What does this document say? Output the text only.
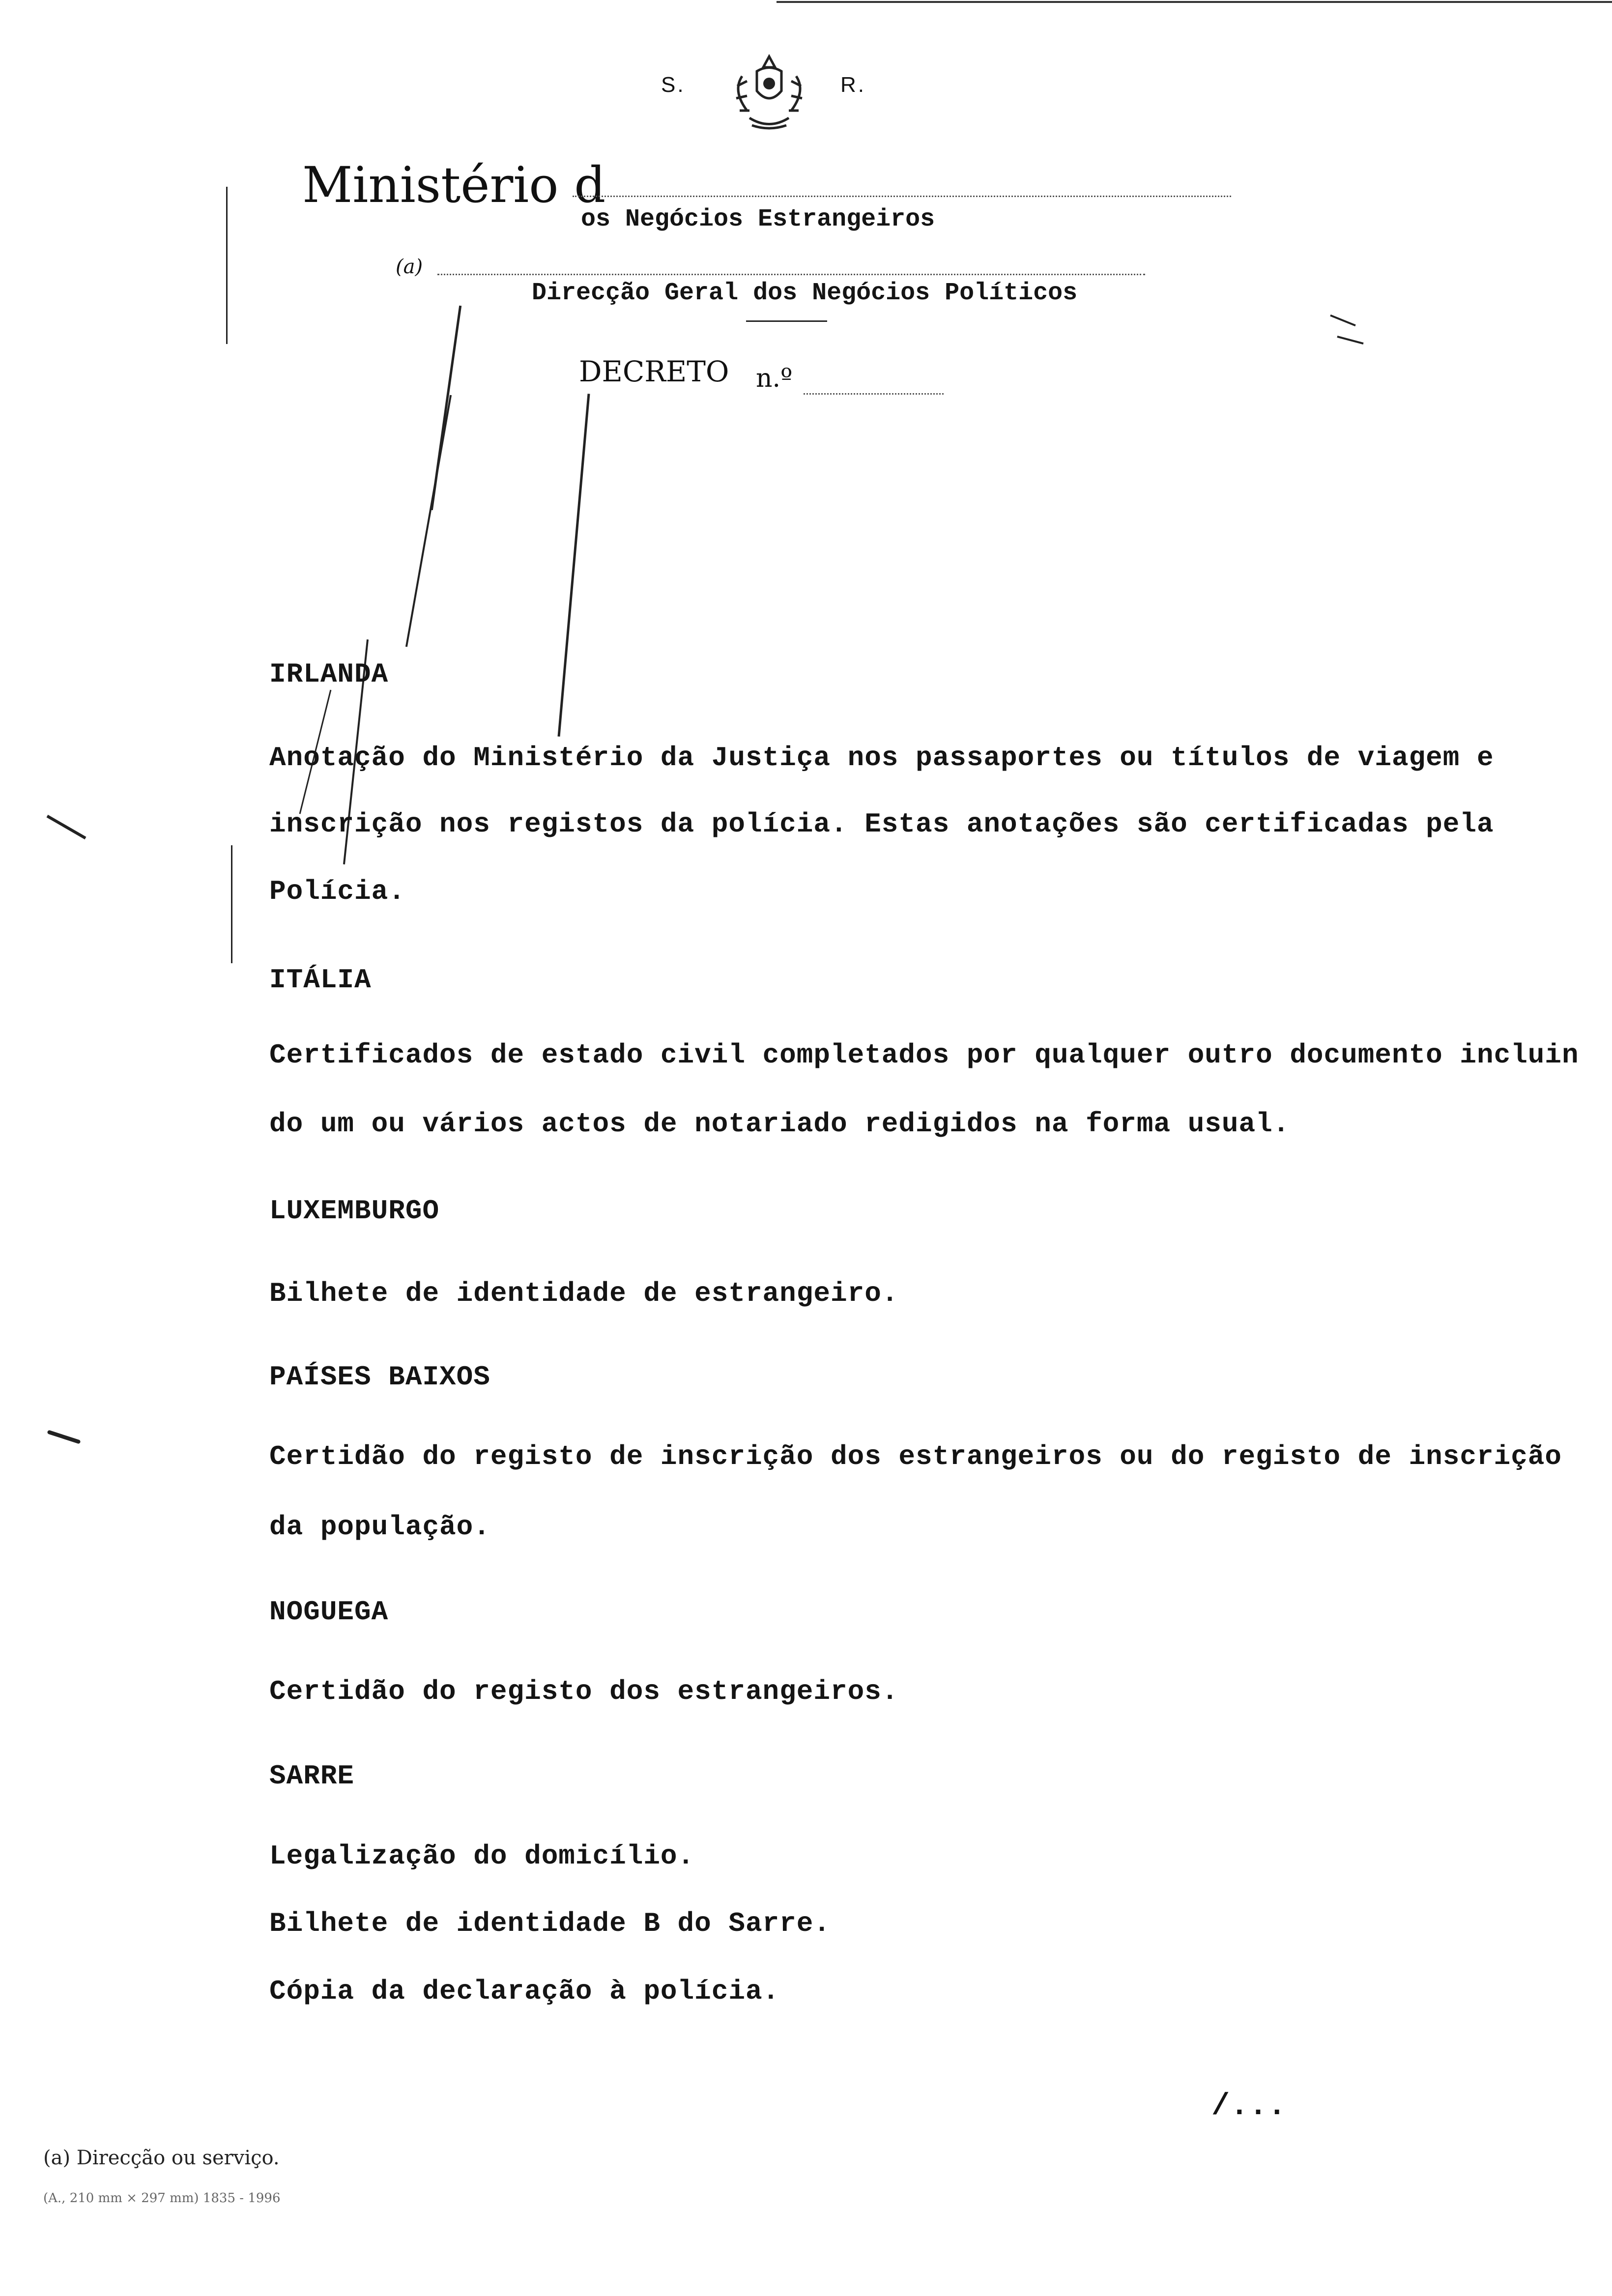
S.	R.
Ministério d
os Negócios Estrangeiros
(a)
Direcção Geral dos Negócios Políticos
DECRETO n.º
IRLANDA
Anotação do Ministério da Justiça nos passaportes ou títulos de viagem e
inscrição nos registos da polícia. Estas anotações são certificadas pela
Polícia.
ITÁLIA
Certificados de estado civil completados por qualquer outro documento incluin
do um ou vários actos de notariado redigidos na forma usual.
LUXEMBURGO
Bilhete de identidade de estrangeiro.
PAÍSES BAIXOS
Certidão do registo de inscrição dos estrangeiros ou do registo de inscrição
da população.
NOGUEGA
Certidão do registo dos estrangeiros.
SARRE
Legalização do domicílio.
Bilhete de identidade B do Sarre.
Cópia da declaração à polícia.
/...
(a) Direcção ou serviço.
(A., 210 mm × 297 mm) 1835 - 1996
